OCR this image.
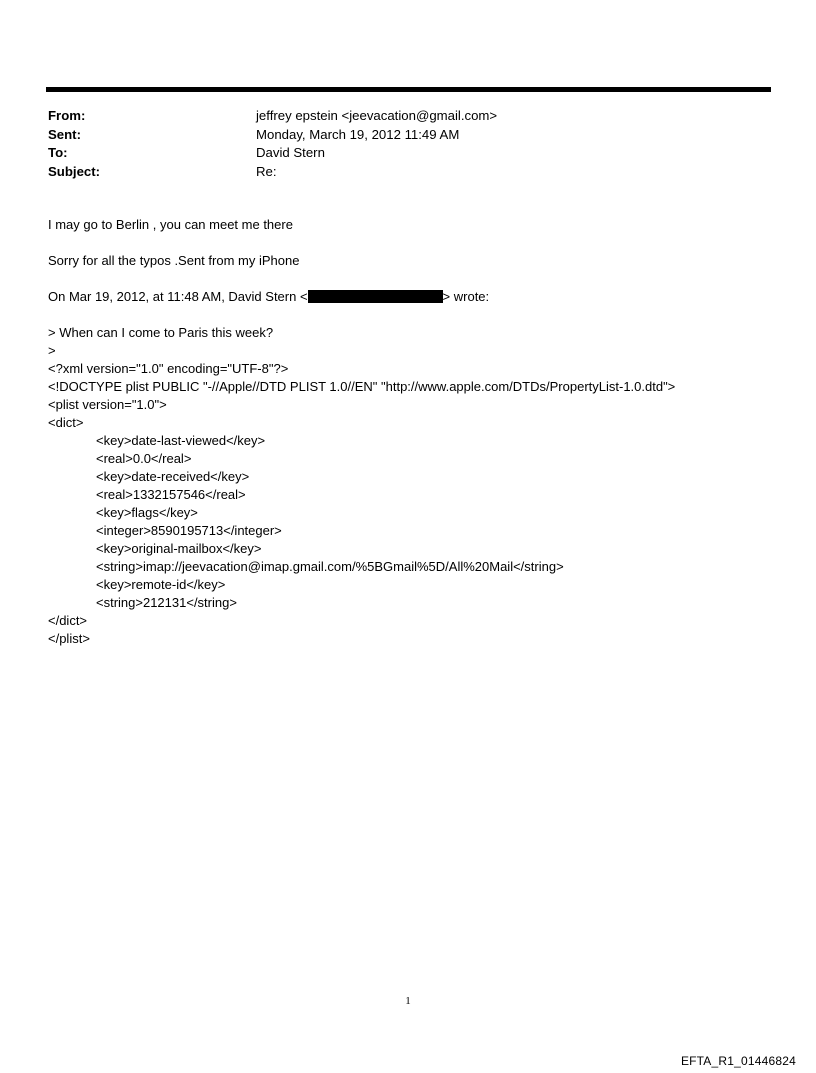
From:	jeffrey epstein <jeevacation@gmail.com>
Sent:	Monday, March 19, 2012 11:49 AM
To:	David Stern
Subject:	Re:

I may go to Berlin , you can meet me there

Sorry for all the typos .Sent from my iPhone

On Mar 19, 2012, at 11:48 AM, David Stern <	> wrote:

> When can I come to Paris this week?

>

<?xml version="1.0" encoding="UTF-8"?>

<!DOCTYPE plist PUBLIC "-//Apple//DTD PLIST 1.0//EN" "http://www.apple.com/DTDs/PropertyList-1.0.dtd">

<plist version="1.0">

<dict>

<key>date-last-viewed</key>

<real>0.0</real>

<key>date-received</key>

<real>1332157546</real>

<key>flags</key>

<integer>8590195713</integer>

<key>original-mailbox</key>

<string>imap://jeevacation@imap.gmail.com/%5BGmail%5D/All%20Mail</string>

<key>remote-id</key>

<string>212131</string>

</dict>

</plist>

1
EFTA_R1_01446824
